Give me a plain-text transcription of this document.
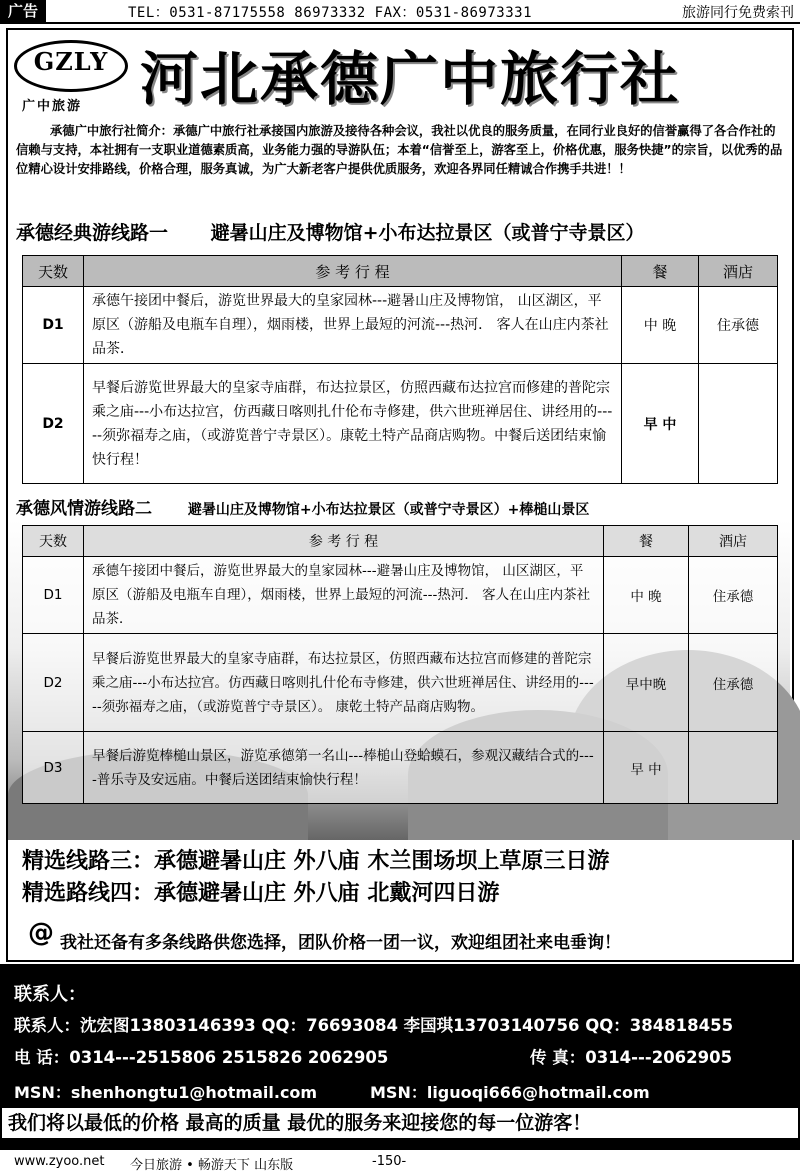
广告	TEL：0531-87175558 86973332 FAX：0531-86973331	旅游同行免费索刊
GZLY
广中旅游 河北承德广中旅行社
承德广中旅行社简介：承德广中旅行社承接国内旅游及接待各种会议，我社以优良的服务质量，在同行业良好的信誉赢得了各合作社的信赖与支持，本社拥有一支职业道德素质高，业务能力强的导游队伍；本着“信誉至上，游客至上，价格优惠，服务快捷”的宗旨，以优秀的品位精心设计安排路线，价格合理，服务真诚，为广大新老客户提供优质服务，欢迎各界同任精诚合作携手共进！！
承德经典游线路一 避暑山庄及博物馆+小布达拉景区（或普宁寺景区）
天数	参 考 行 程	餐	酒店
D1	承德午接团中餐后，游览世界最大的皇家园林---避暑山庄及博物馆， 山区湖区，平原区（游船及电瓶车自理），烟雨楼，世界上最短的河流---热河． 客人在山庄内茶社品茶．	中 晚	住承德
D2	早餐后游览世界最大的皇家寺庙群，布达拉景区，仿照西藏布达拉宫而修建的普陀宗乘之庙---小布达拉宫，仿西藏日喀则扎什伦布寺修建，供六世班禅居住、讲经用的-----须弥福寿之庙，（或游览普宁寺景区）。康乾土特产品商店购物。中餐后送团结束愉快行程！	早 中	
承德风情游线路二	避暑山庄及博物馆+小布达拉景区（或普宁寺景区）+棒槌山景区
天数	参 考 行 程	餐	酒店
D1	承德午接团中餐后，游览世界最大的皇家园林---避暑山庄及博物馆， 山区湖区，平原区（游船及电瓶车自理），烟雨楼，世界上最短的河流---热河． 客人在山庄内茶社品茶．	中 晚	住承德
D2	早餐后游览世界最大的皇家寺庙群，布达拉景区，仿照西藏布达拉宫而修建的普陀宗乘之庙---小布达拉宫。仿西藏日喀则扎什伦布寺修建，供六世班禅居住、讲经用的-----须弥福寿之庙，（或游览普宁寺景区）。 康乾土特产品商店购物。	早中晚	住承德
D3	早餐后游览棒槌山景区，游览承德第一名山---棒槌山登蛤蟆石，参观汉藏结合式的----普乐寺及安远庙。中餐后送团结束愉快行程！	早 中	
精选线路三：承德避暑山庄 外八庙 木兰围场坝上草原三日游
精选路线四：承德避暑山庄 外八庙 北戴河四日游
@ 我社还备有多条线路供您选择，团队价格一团一议，欢迎组团社来电垂询！
联系人：
联系人：沈宏图13803146393 QQ：76693084 李国琪13703140756 QQ：384818455
电 话：0314---2515806 2515826 2062905	传 真：0314---2062905
MSN：shenhongtu1@hotmail.com	MSN：liguoqi666@hotmail.com
我们将以最低的价格 最高的质量 最优的服务来迎接您的每一位游客！
www.zyoo.net 今日旅游 • 畅游天下 山东版	-150-
